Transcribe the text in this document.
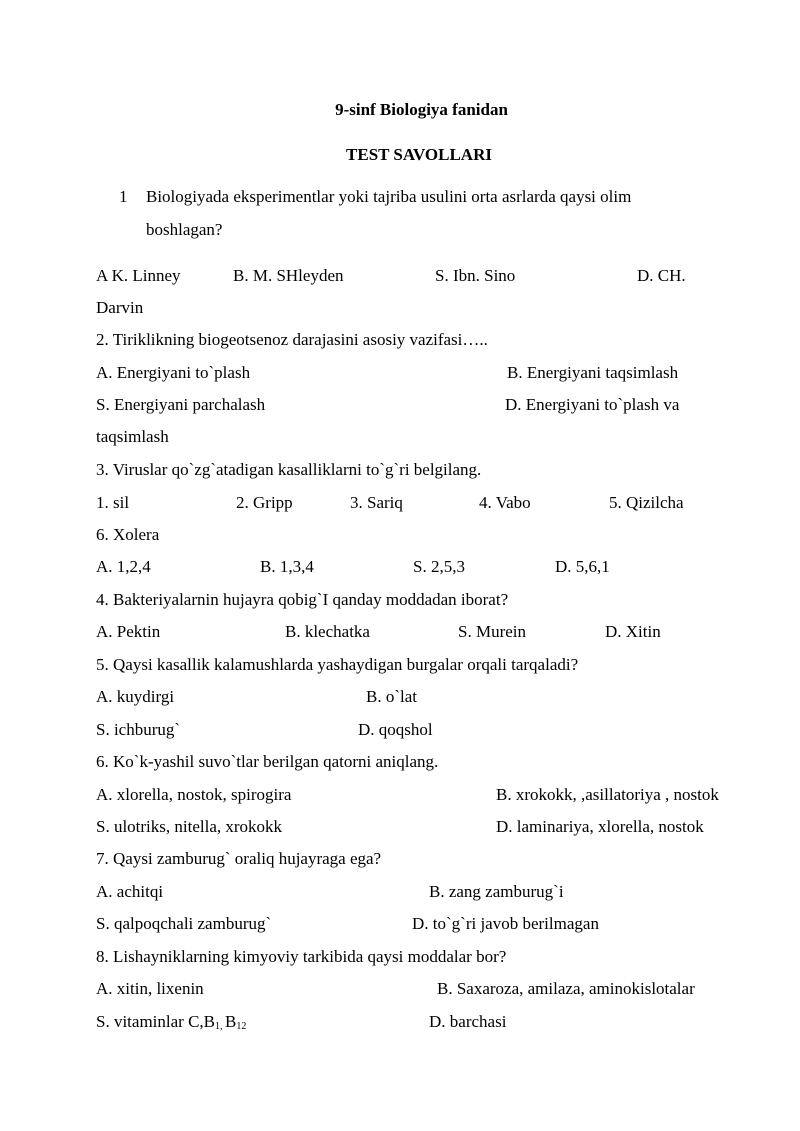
9-sinf Biologiya fanidan
TEST SAVOLLARI
1 Biologiyada eksperimentlar yoki tajriba usulini orta asrlarda qaysi olim
boshlagan?
A K. Linney	B. M. SHleyden	S. Ibn. Sino	D. CH.
Darvin
2. Tiriklikning biogeotsenoz darajasini asosiy vazifasi…..
A. Energiyani to`plash	B. Energiyani taqsimlash
S. Energiyani parchalash	D. Energiyani to`plash va
taqsimlash
3. Viruslar qo`zg`atadigan kasalliklarni to`g`ri belgilang.
1. sil	2. Gripp	3. Sariq	4. Vabo	5. Qizilcha
6. Xolera
A. 1,2,4	B. 1,3,4	S. 2,5,3	D. 5,6,1
4. Bakteriyalarnin hujayra qobig`I qanday moddadan iborat?
A. Pektin	B. klechatka	S. Murein	D. Xitin
5. Qaysi kasallik kalamushlarda yashaydigan burgalar orqali tarqaladi?
A. kuydirgi	B. o`lat
S. ichburug`	D. qoqshol
6. Ko`k-yashil suvo`tlar berilgan qatorni aniqlang.
A. xlorella, nostok, spirogira	B. xrokokk, ,asillatoriya , nostok
S. ulotriks, nitella, xrokokk	D. laminariya, xlorella, nostok
7. Qaysi zamburug` oraliq hujayraga ega?
A. achitqi	B. zang zamburug`i
S. qalpoqchali zamburug`	D. to`g`ri javob berilmagan
8. Lishayniklarning kimyoviy tarkibida qaysi moddalar bor?
A. xitin, lixenin	B. Saxaroza, amilaza, aminokislotalar
S. vitaminlar $C,B_{1,}$ $B_{12}$	D. barchasi
